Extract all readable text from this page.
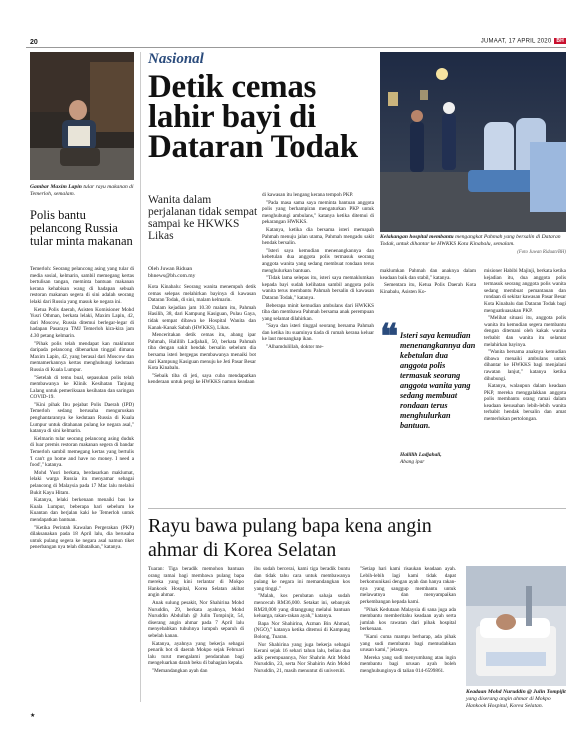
20	JUMAAT, 17 APRIL 2020 BH
Nasional
Detik cemas lahir bayi di Dataran Todak
Gambar Maxim Lapin tular rayu makanan di Temerloh, semalam.
Polis bantu pelancong Russia tular minta makanan

Temerloh: Seorang pelancong asing yang tular di media sosial, kelmarin, sambil memegang kertas bertulisan tangan, meminta bantuan makanan kerana kehabisan wang di hadapan sebuah restoran makanan segera di sini adalah seorang lelaki dari Russia yang masuk ke negara ini.

Ketua Polis daerah, Asisten Komisioner Mohd Yusri Othman, berkata lelaki, Maxim Lapin, 42, dari Moscow, Russia ditemui berlegar-legar di hadapan Pasaraya TMJ Temerloh kira-kira jam 4.30 petang kelmarin.

"Pihak polis telah mendapat kan maklumat daripada pelancong dibenarkan tinggal dimana Maxim Lapin, 42, yang berasal dari Moscow dan memamerkannya kertas menghubungi kedutaan Russia di Kuala Lumpur.

"Setelah di temu bual, sepasukan polis telah membawanya ke Klinik Kesihatan Tanjung Lalang untuk pemeriksaan kesihatan dan saringan COVID-19.

"Kini pihak Ibu pejabat Polis Daerah (IPD) Temerloh sedang berusaha menguruskan penghantarannya ke kedutaan Russia di Kuala Lumpur untuk ditahanan pulang ke negara asal," katanya di sini kelmarin.

Kelmarin tular seorang pelancong asing duduk di luar premis restoran makanan segera di bandar Temerloh sambil memegang kertas yang bertulis 'I can't go home and have no money. I need a food'," katanya.

Mohd Yusri berkata, berdasarkan maklumat, lelaki warga Russia itu menyamar sebagai pelancong di Malaysia pada 17 Mac lalu melalui Bukit Kayu Hitam.

Katanya, lelaki berkenaan menaiki bas ke Kuala Lumpur, beberapa hari sebelum ke Kuantan dan berjalan kaki ke Temerloh untuk mendapatkan bantuan.

"Ketika Perintah Kawalan Pergerakan (PKP) dilaksanakan pada 18 April lalu, dia berusaha untuk pulang segera ke negara asal namun tiket penerbangan nya telah dibatalkan," katanya.

Kelakangan hospital membantu mengangkat Pahmah yang bersalin di Dataran Todak, untuk dihantar ke HWKKS Kota Kinabalu, semalam.
(Foto Juwan Riduan/BH)
Wanita dalam perjalanan tidak sempat sampai ke HKWKS Likas
Oleh Juwan Riduan
bhnews@bh.com.my

Kota Kinabalu: Seorang wanita menempuh detik cemas selepas melahirkan bayinya di kawasan Dataran Todak, di sini, malam kelmarin.

Dalam kejadian jam 10.30 malam itu, Pahmah Hasilih, 38, dari Kampung Kasiguan, Pulau Gaya, tidak sempat dibawa ke Hospital Wanita dan Kanak-Kanak Sabah (HWKKS), Likas.

Menceritakan detik cemas itu, abang ipar Pahmah, Halillih Ladjahali, 50, berkata Pahmah tiba dengan sakit hendak bersalin sebelum dia bersama isteri bergegas membawanya menaiki bot dari Kampung Kasiguan menuju ke Jeti Pasar Besar Kota Kinabalu.

"Sebaik tiba di jeti, saya cuba mendapatkan kenderaan untuk pergi ke HWKKS namun keadaan

di kawasan itu lengang kerana tempoh PKP.

"Pada masa sama saya meminta bantuan anggota polis yang berhampiran mengaturkan PKP untuk menghubungi ambulans," katanya ketika ditemui di pekarangan HWKKS.

Katanya, ketika dia bersama isteri memapah Pahmah menuju jalan utama, Pahmah mengadu sakit hendak bersalin.

"Isteri saya kemudian menenangkannya dan kebetulan dua anggota polis termasuk seorang anggota wanita yang sedang membuat rondaan terus menghulurkan bantuan.

"Tidak lama selepas itu, isteri saya memaklumkan kepada bayi sudah kelihatan sambil anggota polis wanita terus membantu Pahmah bersalin di kawasan Dataran Todak," katanya.

Beberapa minit kemudian ambulans dari HWKKS tiba dan membawa Pahmah bersama anak perempuan yang selamat dilahirkan.

"Saya dan isteri tinggal seorang bersama Pahmah dan ketika itu suaminya tiada di rumah kerana keluar ke laut menangkap ikan.

"Alhamdulillah, doktor me-

maklumkan Pahmah dan anaknya dalam keadaan baik dan stabil," katanya.

Sementara itu, Ketua Polis Daerah Kota Kinabalu, Asisten Ko-

❝ Isteri saya kemudian menenangkannya dan kebetulan dua anggota polis termasuk seorang anggota wanita yang sedang membuat rondaan terus menghulurkan bantuan.
Halillih Ladjahali,
Abang ipar

misioner Habibi Majinji, berkata ketika kejadian itu, dua anggota polis termasuk seorang anggota polis wanita sedang membuat pemantauan dan rondaan di sekitar kawasan Pasar Besar Kota Kinabalu dan Dataran Todak bagi menguatkuasakan PKP.

"Melihat situasi itu, anggota polis wanita itu kemudian segera membantu dengan ditemani oleh kakak wanita terbabit dan wanita itu selamat melahirkan bayinya.

"Wanita bersama anaknya kemudian dibawa menaiki ambulans untuk dihantar ke HWKKS bagi menjalani rawatan lanjut," katanya ketika dihubungi.

Katanya, walaupun dalam keadaan PKP, mereka menggalakkan anggota polis membantu orang ramai dalam keadaan kesusahan lebih-lebih wanita terbabit hendak bersalin dan amat memerlukan pertolongan.

Rayu bawa pulang bapa kena angin ahmar di Korea Selatan

Tuaran: Tiga beradik memohon bantuan orang ramai bagi membawa pulang bapa mereka yang kini terlantar di Mokpo Hankook Hospital, Korea Selatan akibat angin ahmar.

Anak sulung pesakit, Nor Shahirina Mohd Nuruddin, 29, berkata ayahnya, Mohd Nuruddin Abdullah @ Julin Tompinjit, 54, diserang angin ahmar pada 7 April lalu menyebabkan tubuhnya lumpuh separuh di sebelah kanan.

Katanya, ayahnya yang bekerja sebagai penarik bot di daerah Mokpo sejak Februari lalu turut mengalami pendarahan bagi mengeluarkan darah beku di bahagian kepala.

"Memandangkan ayah dan

ibu sudah bercerai, kami tiga beradik buntu dan tidak tahu cara untuk membawanya pulang ke negara ini memandangkan kos yang tinggi."

"Malah, kos perubatan sahaja sudah mencecah RM36,000. Setakat ini, sebanyak RM20,000 yang ditanggung melalui bantuan keluarga, rakan-rakan ayah," katanya.

Bapa Nor Shahirina, Azman Bin Ahmad, (NGO)," katanya ketika ditemui di Kampung Bolong, Tuaran.

Nor Shahirina yang juga bekerja sebagai Kerani sejak 16 sehari tahun lalu, beliau dua adik perempuannya, Nor Shahrin Atit Mohd Nuruddin, 23, serta Nor Shahirin Atin Mohd Nuruddin, 21, masih menuntut di universiti.

"Setiap hari kami risaukan keadaan ayah. Lebih-lebih lagi kami tidak dapat berkomunikasi dengan ayah dan hanya rakan-nya yang sanggup membantu untuk melawatnya dan menyampaikan perkembangan kepada kami.

"Pihak Kedutaan Malaysia di sana juga ada membantu memberitahu keadaan ayah serta jumlah kos rawatan dari pihak hospital berkenaan.

"Kami cuma mampu berharap, ada pihak yang sudi membantu bagi memudahkan urusan kami," jelasnya.

Mereka yang sudi menyumbang atau ingin membantu bagi urusan ayah boleh menghubunginya di talian 014-6599861.

Keadaan Mohd Nuruddin @ Julin Tompijit yang diserang angin ahmar di Mokpo Hankook Hospital, Korea Selatan.
★
